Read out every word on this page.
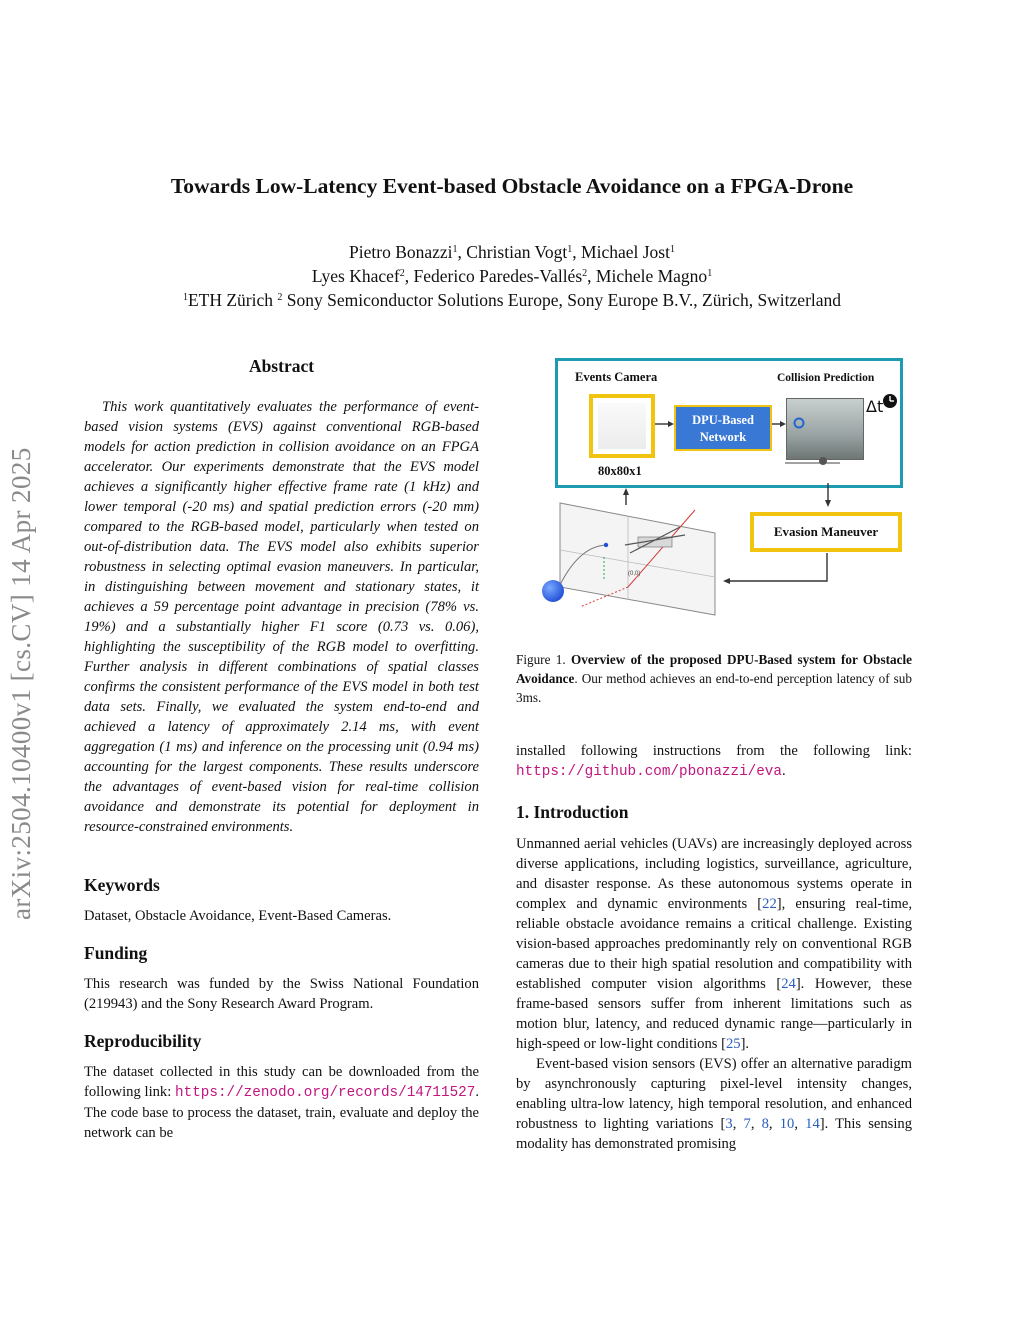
Towards Low-Latency Event-based Obstacle Avoidance on a FPGA-Drone
Pietro Bonazzi$^1$, Christian Vogt$^1$, Michael Jost$^1$
Lyes Khacef$^2$, Federico Paredes-Vallés$^2$, Michele Magno$^1$
$^1$ETH Zürich $^2$ Sony Semiconductor Solutions Europe, Sony Europe B.V., Zürich, Switzerland
arXiv:2504.10400v1 [cs.CV] 14 Apr 2025
Abstract

This work quantitatively evaluates the performance of event-based vision systems (EVS) against conventional RGB-based models for action prediction in collision avoidance on an FPGA accelerator. Our experiments demonstrate that the EVS model achieves a significantly higher effective frame rate (1 kHz) and lower temporal (-20 ms) and spatial prediction errors (-20 mm) compared to the RGB-based model, particularly when tested on out-of-distribution data. The EVS model also exhibits superior robustness in selecting optimal evasion maneuvers. In particular, in distinguishing between movement and stationary states, it achieves a 59 percentage point advantage in precision (78% vs. 19%) and a substantially higher F1 score (0.73 vs. 0.06), highlighting the susceptibility of the RGB model to overfitting. Further analysis in different combinations of spatial classes confirms the consistent performance of the EVS model in both test data sets. Finally, we evaluated the system end-to-end and achieved a latency of approximately 2.14 ms, with event aggregation (1 ms) and inference on the processing unit (0.94 ms) accounting for the largest components. These results underscore the advantages of event-based vision for real-time collision avoidance and demonstrate its potential for deployment in resource-constrained environments.

Keywords

Dataset, Obstacle Avoidance, Event-Based Cameras.

Funding

This research was funded by the Swiss National Foundation (219943) and the Sony Research Award Program.

Reproducibility

The dataset collected in this study can be downloaded from the following link: https://zenodo.org/records/14711527. The code base to process the dataset, train, evaluate and deploy the network can be

Events Camera	Collision Prediction
80x80x1
DPU-Based
Network
Δt
Evasion Maneuver
(0,0)
Figure 1. Overview of the proposed DPU-Based system for Obstacle Avoidance. Our method achieves an end-to-end perception latency of sub 3ms.

installed following instructions from the following link: https://github.com/pbonazzi/eva.

1. Introduction

Unmanned aerial vehicles (UAVs) are increasingly deployed across diverse applications, including logistics, surveillance, agriculture, and disaster response. As these autonomous systems operate in complex and dynamic environments [22], ensuring real-time, reliable obstacle avoidance remains a critical challenge. Existing vision-based approaches predominantly rely on conventional RGB cameras due to their high spatial resolution and compatibility with established computer vision algorithms [24]. However, these frame-based sensors suffer from inherent limitations such as motion blur, latency, and reduced dynamic range—particularly in high-speed or low-light conditions [25].

Event-based vision sensors (EVS) offer an alternative paradigm by asynchronously capturing pixel-level intensity changes, enabling ultra-low latency, high temporal resolution, and enhanced robustness to lighting variations [3, 7, 8, 10, 14]. This sensing modality has demonstrated promising
